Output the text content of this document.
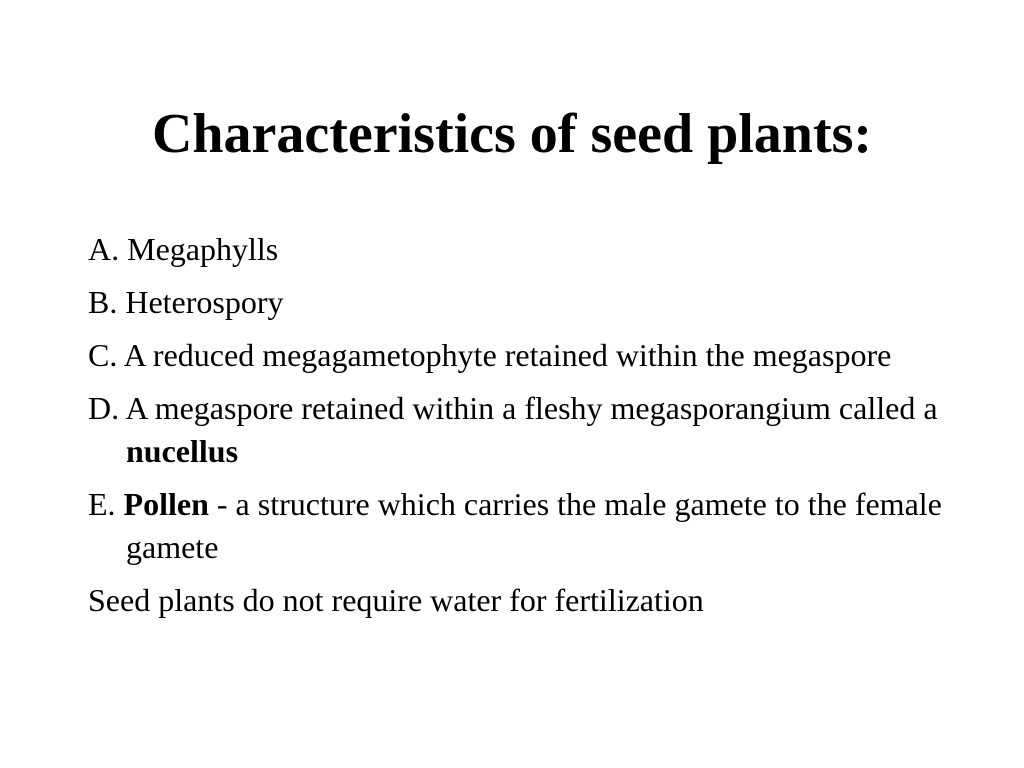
Characteristics of seed plants:
A. Megaphylls
B. Heterospory
C. A reduced megagametophyte retained within the megaspore
D. A megaspore retained within a fleshy megasporangium called a nucellus
E. Pollen - a structure which carries the male gamete to the female gamete
Seed plants do not require water for fertilization
